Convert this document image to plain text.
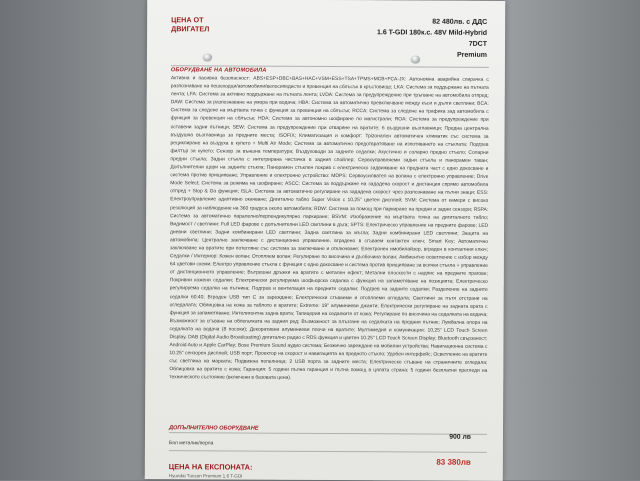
ЦЕНА ОТ
ДВИГАТЕЛ
82 480лв. с ДДС
1.6 T-GDI 180к.с. 48V Mild-Hybrid
7DCT
Premium
ОБОРУДВАНЕ НА АВТОМОБИЛА
Активна и пасивна безопасност: ABS+ESP+DBC+BAS+HAC+VSM+ESS+TSA+TPMS+MCB+FCA-JX: Автономна аварийна спирачка с разпознаване на пешеходци/автомобили/велосипедисти и превенция на сблъсък в кръстовище; LKA: Система за поддържане на пътната лента; LFA: Система за активно поддържане на пътната лента; LVDA: Система за предупреждение при тръгване на автомобила отпред; DAW: Система за разпознаване на умора при водача; HBA: Система за автоматично превключване между къси и дълги светлини; BCA: Система за следене на мъртвата точка с функция за превенция на сблъсък; RCCA: Система за следене на трафика зад автомобила с функция за превенция на сблъсък; HDA: Система за автономно шофиране по магистрали; ROA: Система за предупреждение при оставени задни пътници; SEW: Система за предупреждение при отваряне на вратите; 6 въздушни възглавници; Предна централна въздушна възглавница за предните места; ISOFIX; Климатизация и комфорт: Трizoнален автоматичен климатик със система за рециклиране на въздуха в купето + Multi Air Mode; Система за автоматично предотвратяване на изпотяването на стъклата; Подгрев филтър за купето; Сензор за външна температура; Въздуховоди за задните седалки; Акустично и соларно предно стъкло; Соларни предни стъкла; Задни стъкла с интегрирана чистачка в задния спойлер; Сервоуправляеми задни стъкла и панорамен таван; Допълнителни щори на задните стъкла; Панорамен стъклен покрив с електрическо задвижване на предната част с едно докосване и система против прищипване; Управление и електронно устройство: MDPS: Сервоусилвател на волана с електронно управление; Drive Mode Select; Система за режима на шофиране; ASCC: Система за поддържане на зададена скорост и дистанция спрямо автомобила отпред + Stop & Go функция; ISLA: Система за автоматично регулиране на зададена скорост чрез разпознаване на пътни знаци; ESS: Електроуправление адаптивно окачване; Дигитално табло Super Vision с 10,25" цветен дисплей; SVM: Система от камери с високо резолюция за наблюдение на 360 градуса около автомобила; RDW: Система за помощ при паркиране на предни и задни сензори; RSPA: Система за автоматично паралелно/перпендикулярно паркиране; BSVM: Изображение на мъртвата точка на дигиталното табло; Видимост / светлини: Full LED фарове с допълнителни LED светлини в дъга; SPTS: Електрическо управление на предните фарове; LED дневни светлини; Задни комбинирани LED светлини; Задна светлина за мъгла; Задни комбинирани LED светлини; Защита на автомобила: Централно заключване с дистанционно управление, вградено в сгъваем контактен ключ; Smart Key; Автоматично заключване на вратите при потегляне със система за заключване и отключване; Електронен имобилайзер, вграден в контактния ключ; Седалки / Интериор: Кожен волан; Отопляем волан; Регулиране по височина и дълбочина волан; Амбиентно осветление с избор между 64 цветови схеми; Електро управление стъкла с функция с едно докосване и система против прищипване за всички стъкла + управление от дистанционното управление; Вътрешни дръжки на вратите с метален ефект; Метални плоскости с надпис на предните прагове; Покривни кожени седалки; Електрически регулируема шофьорска седалка с функция на запаметяване на позицията; Електрическо регулируема седалка на пътника; Подгрев и вентилация на предните седалки; Подгрев на задните седалки; Разделение на задните седалки 60:40; Вграден USB тип C за зареждане; Електрически сгъваеми и отопляеми огледала; Светлини за пътя отстрани на огледалата; Облицовка на кожа за таблото и вратите; Extreme: 19" алуминиеви джанти; Електрически регулиране на задната врата с функция за запаметяване; Интелигентна задна врата; Тапицерия на седалките от кожа; Регулиране по височина на седалката на водача; Възможност за сгъване на облегалката на задния ред; Възможност за плъзгане на седалката на предния пътник; Лумбална опора на седалката на водача (8 посоки); Декоративни алуминиеви плочи на вратите; Мултимедия и комуникация: 10,25" LCD Touch Screen Display, DAB (Digital Audio Broadcasting) дигитално радио с RDS функция и цветен 10.25" LCD Touch Screen Display; Bluetooth свързаност; Android Auto и Apple CarPlay; Bose Premium Sound аудио система; Безжично зареждане на мобилни устройства; Навигационна система с 10.25" сензорен дисплей; USB порт; Проектор на скорост и навигацията на предното стъкло; Удобен интерфейс; Осветление на вратите със светлина на марката; Подвижна пепелница; 2 USB порта за задните места; Електрическо сгъване на страничните огледала; Облицовка на вратите с кожа; Гаранция: 5 години пълна гаранция и пътна помощ в цялата страна; 5 години безплатни прегледи на техническото състояние (включени в базовата цена).
ДОПЪЛНИТЕЛНО ОБОРУДВАНЕ
900 лв
Бял металик/перла
83 380лв
ЦЕНА НА ЕКСПОНАТА:
Hyundai Tucson Premium 1.6 T-GDI
